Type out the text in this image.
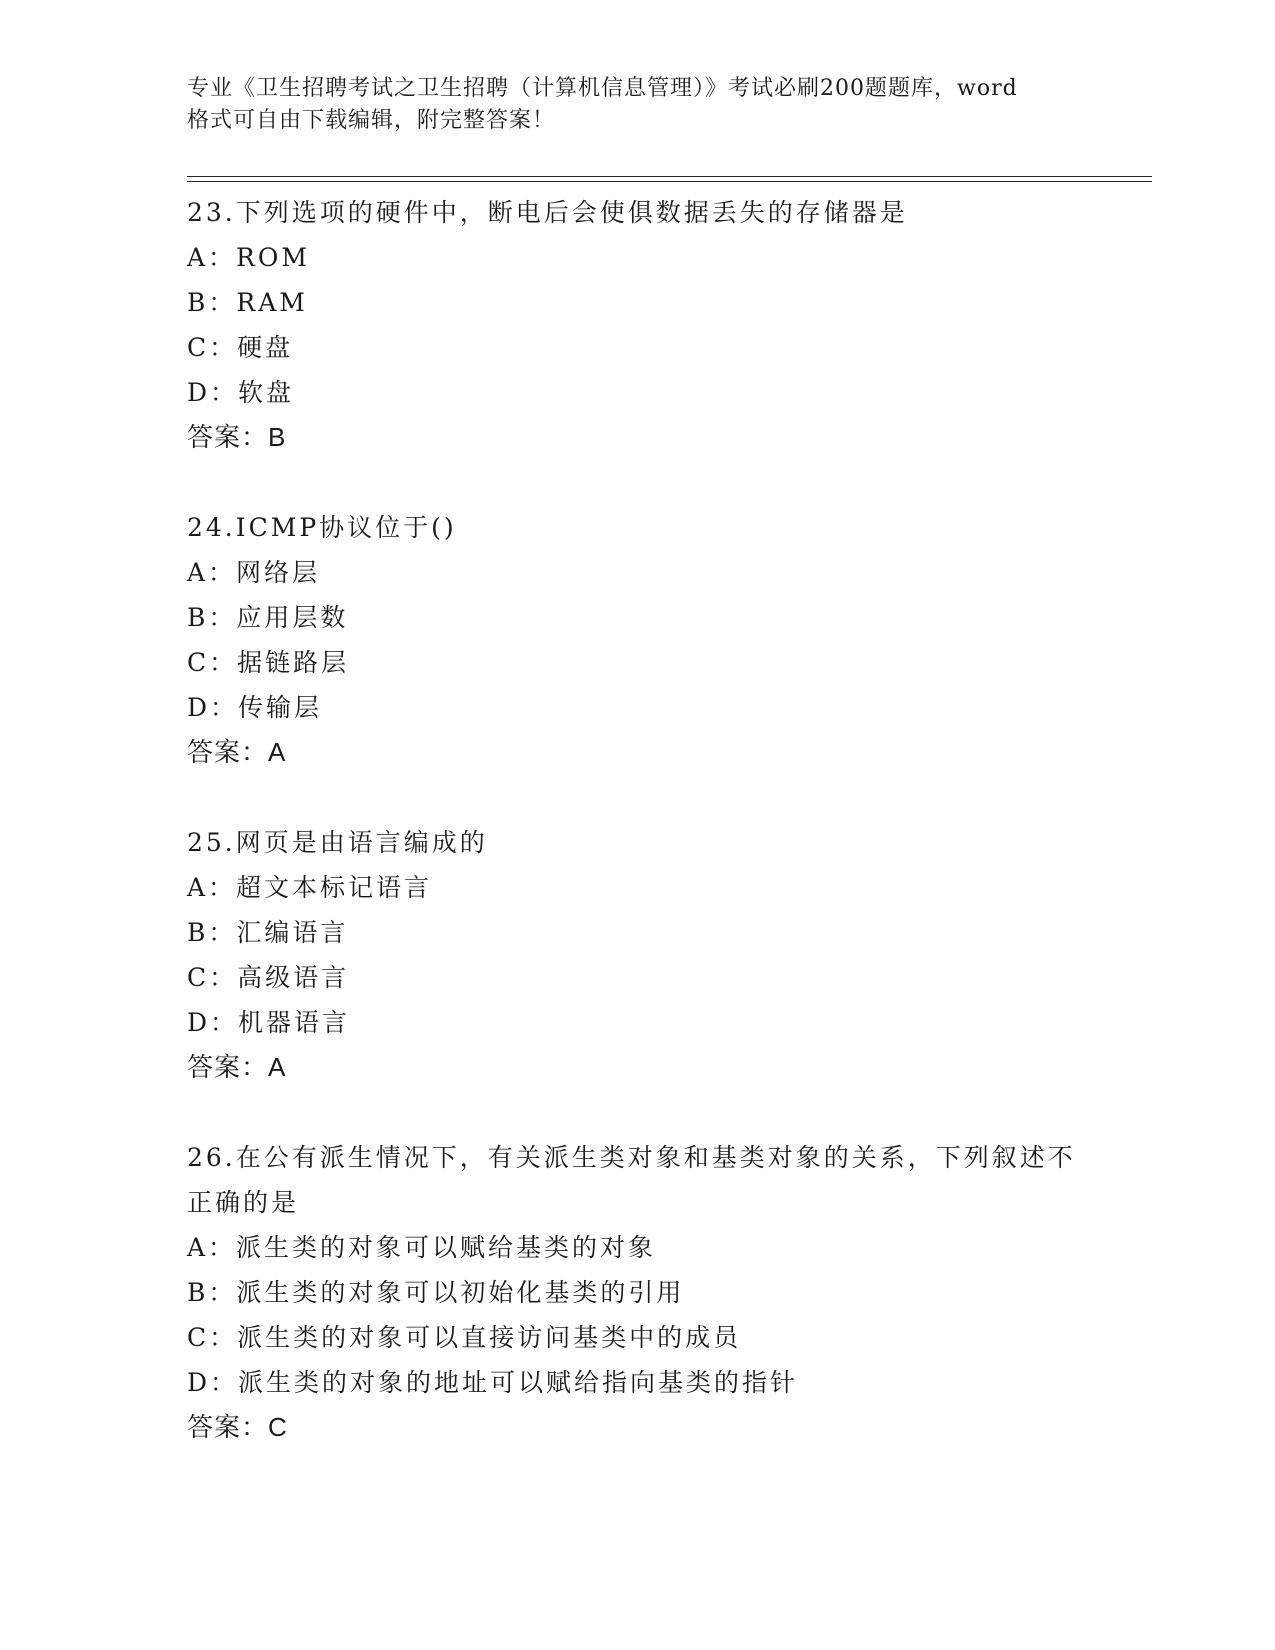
专业《卫生招聘考试之卫生招聘（计算机信息管理）》考试必刷200题题库，word
格式可自由下载编辑，附完整答案！
23.下列选项的硬件中，断电后会使俱数据丢失的存储器是
A：ROM
B：RAM
C：硬盘
D：软盘
答案：B
24.ICMP协议位于()
A：网络层
B：应用层数
C：据链路层
D：传输层
答案：A
25.网页是由语言编成的
A：超文本标记语言
B：汇编语言
C：高级语言
D：机器语言
答案：A
26.在公有派生情况下，有关派生类对象和基类对象的关系，下列叙述不正确的是
A：派生类的对象可以赋给基类的对象
B：派生类的对象可以初始化基类的引用
C：派生类的对象可以直接访问基类中的成员
D：派生类的对象的地址可以赋给指向基类的指针
答案：C
